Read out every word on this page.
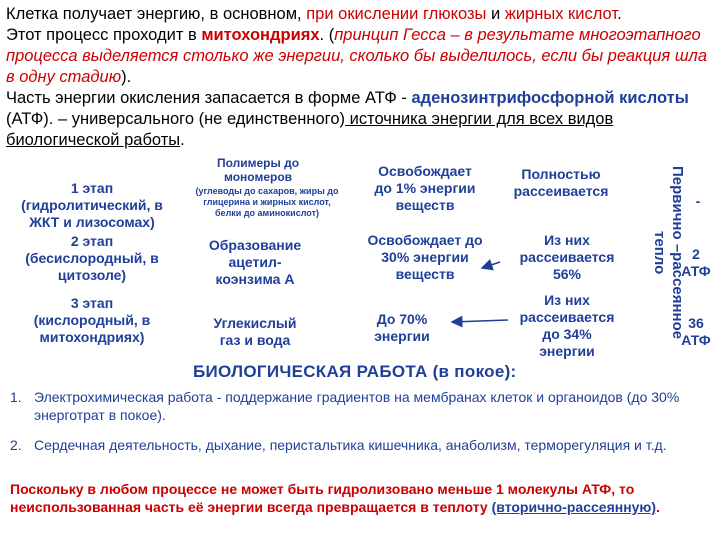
Клетка получает энергию, в основном, при окислении глюкозы и жирных кислот.
Этот процесс проходит в митохондриях. (принцип Гесса – в результате многоэтапного процесса выделяется столько же энергии, сколько бы выделилось, если бы реакция шла в одну стадию).
Часть энергии окисления запасается в форме АТФ - аденозинтрифосфорной кислоты (АТФ). – универсального (не единственного) источника энергии для всех видов биологической работы.
1 этап
(гидролитический, в
ЖКТ и лизосомах)
2 этап
(бесислородный, в
цитозоле)
3 этап
(кислородный, в
митохондриях)
Полимеры до
мономеров
(углеводы до сахаров, жиры до
глицерина и жирных кислот,
белки до аминокислот)
Образование
ацетил-
коэнзима А
Углекислый
газ и вода
Освобождает
до 1% энергии
веществ
Освобождает до
30% энергии
веществ
До 70%
энергии
Полностью
рассеивается
Из них
рассеивается
56%
Из них
рассеивается
до 34%
энергии
Первично –рассеянное тепло
-
2
АТФ
36
АТФ
БИОЛОГИЧЕСКАЯ РАБОТА (в покое):
1. Электрохимическая работа - поддержание градиентов на мембранах клеток и органоидов (до 30% энерготрат в покое).
2. Сердечная деятельность, дыхание, перистальтика кишечника, анаболизм, терморегуляция и т.д.
Поскольку в любом процессе не может быть гидролизовано меньше 1 молекулы АТФ, то неиспользованная часть её энергии всегда превращается в теплоту (вторично-рассеянную).
